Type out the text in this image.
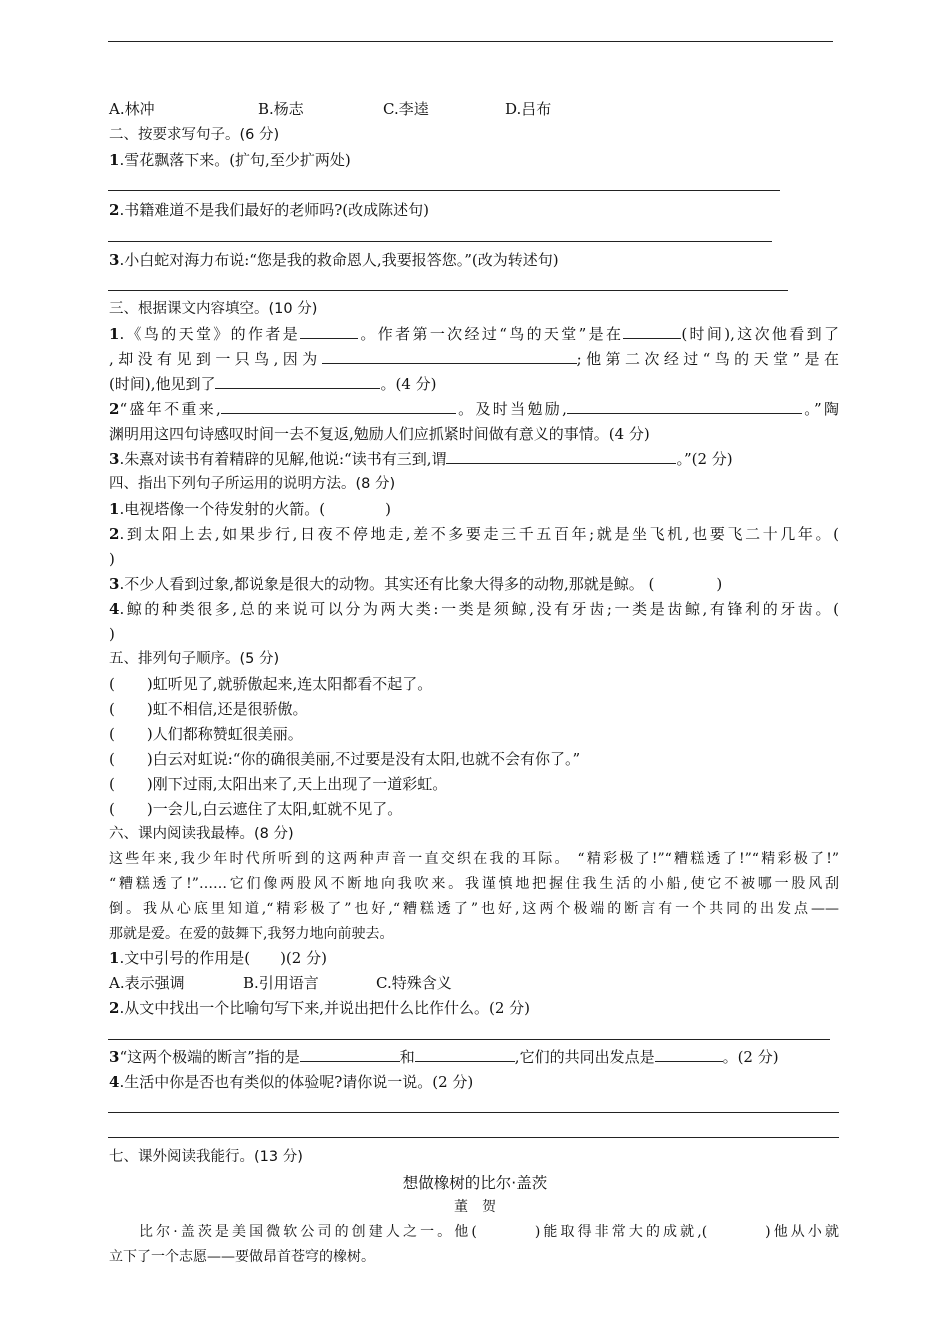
A.林冲	B.杨志	C.李逵	D.吕布
二、按要求写句子。(6 分)
1.雪花飘落下来。(扩句,至少扩两处)
2.书籍难道不是我们最好的老师吗?(改成陈述句)
3.小白蛇对海力布说:“您是我的救命恩人,我要报答您。”(改为转述句)
三、根据课文内容填空。(10 分)
1.《鸟的天堂》的作者是	。作者第一次经过“鸟的天堂”是在	(时间),这次他看到了
,却没有见到一只鸟,因为	;他第二次经过“鸟的天堂”是在
(时间),他见到了	。(4 分)
2“盛年不重来,	。及时当勉励,	。”陶
渊明用这四句诗感叹时间一去不复返,勉励人们应抓紧时间做有意义的事情。(4 分)
3.朱熹对读书有着精辟的见解,他说:“读书有三到,谓	。”(2 分)
四、指出下列句子所运用的说明方法。(8 分)
1.电视塔像一个待发射的火箭。(	)
2.到太阳上去,如果步行,日夜不停地走,差不多要走三千五百年;就是坐飞机,也要飞二十几年。(
)
3.不少人看到过象,都说象是很大的动物。其实还有比象大得多的动物,那就是鲸。 (	)
4.鲸的种类很多,总的来说可以分为两大类:一类是须鲸,没有牙齿;一类是齿鲸,有锋利的牙齿。(
)
五、排列句子顺序。(5 分)
( )虹听见了,就骄傲起来,连太阳都看不起了。
( )虹不相信,还是很骄傲。
( )人们都称赞虹很美丽。
( )白云对虹说:“你的确很美丽,不过要是没有太阳,也就不会有你了。”
( )刚下过雨,太阳出来了,天上出现了一道彩虹。
( )一会儿,白云遮住了太阳,虹就不见了。
六、课内阅读我最棒。(8 分)
这些年来,我少年时代所听到的这两种声音一直交织在我的耳际。 “精彩极了!”“糟糕透了!”“精彩极了!”
“糟糕透了!”……它们像两股风不断地向我吹来。我谨慎地把握住我生活的小船,使它不被哪一股风刮
倒。我从心底里知道,“精彩极了”也好,“糟糕透了”也好,这两个极端的断言有一个共同的出发点——
那就是爱。在爱的鼓舞下,我努力地向前驶去。
1.文中引号的作用是( )(2 分)
A.表示强调	B.引用语言	C.特殊含义
2.从文中找出一个比喻句写下来,并说出把什么比作什么。(2 分)
3“这两个极端的断言”指的是	和	,它们的共同出发点是	。(2 分)
4.生活中你是否也有类似的体验呢?请你说一说。(2 分)
七、课外阅读我能行。(13 分)
想做橡树的比尔·盖茨
董　贺
比尔·盖茨是美国微软公司的创建人之一。他(	)能取得非常大的成就,(	)他从小就
立下了一个志愿——要做昂首苍穹的橡树。
